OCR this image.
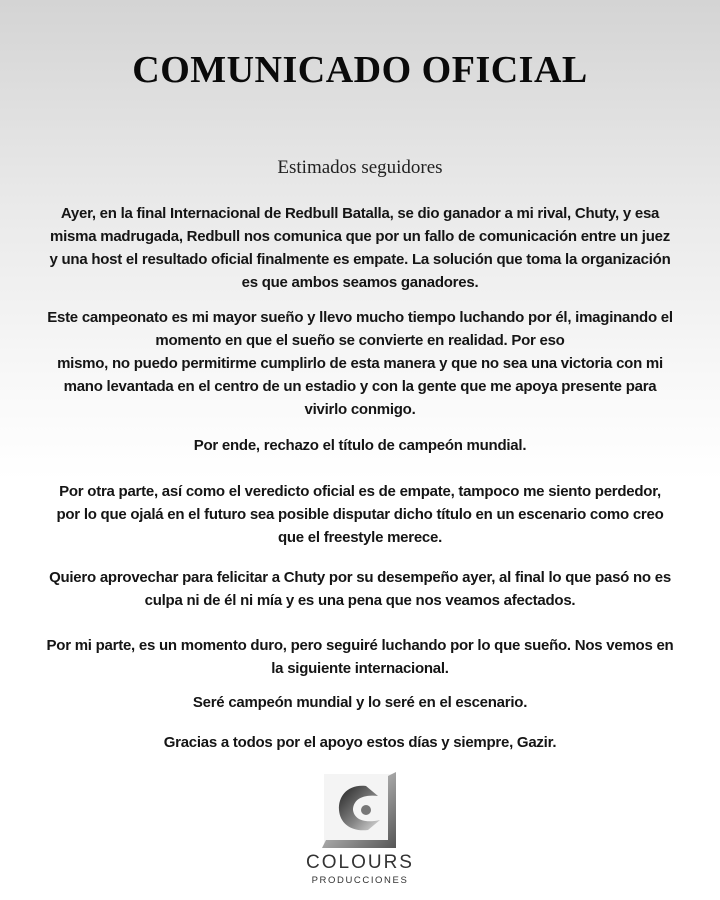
COMUNICADO OFICIAL
Estimados seguidores
Ayer, en la final Internacional de Redbull Batalla, se dio ganador a mi rival, Chuty, y esa
misma madrugada, Redbull nos comunica que por un fallo de comunicación entre un juez
y una host el resultado oficial finalmente es empate. La solución que toma la organización
es que ambos seamos ganadores.
Este campeonato es mi mayor sueño y llevo mucho tiempo luchando por él, imaginando el
momento en que el sueño se convierte en realidad. Por eso
mismo, no puedo permitirme cumplirlo de esta manera y que no sea una victoria con mi
mano levantada en el centro de un estadio y con la gente que me apoya presente para
vivirlo conmigo.
Por ende, rechazo el título de campeón mundial.
Por otra parte, así como el veredicto oficial es de empate, tampoco me siento perdedor,
por lo que ojalá en el futuro sea posible disputar dicho título en un escenario como creo
que el freestyle merece.
Quiero aprovechar para felicitar a Chuty por su desempeño ayer, al final lo que pasó no es
culpa ni de él ni mía y es una pena que nos veamos afectados.
Por mi parte, es un momento duro, pero seguiré luchando por lo que sueño. Nos vemos en
la siguiente internacional.
Seré campeón mundial y lo seré en el escenario.
Gracias a todos por el apoyo estos días y siempre, Gazir.
COLOURS
PRODUCCIONES
